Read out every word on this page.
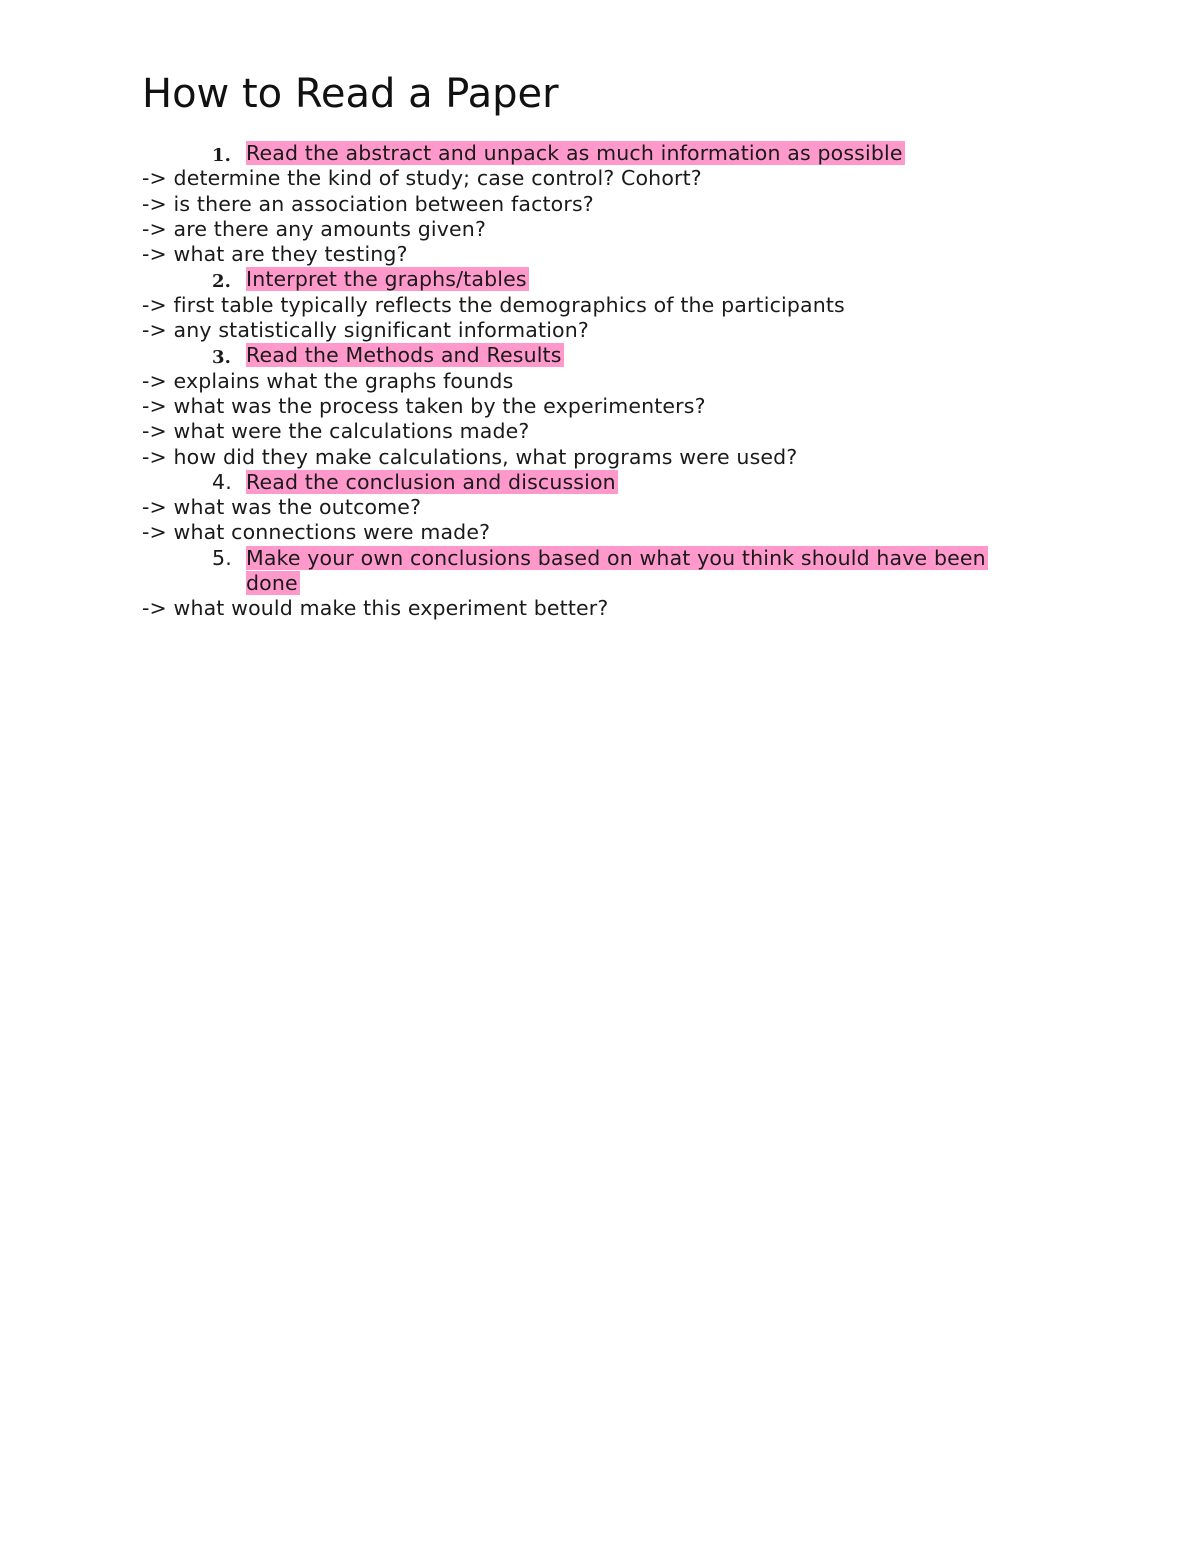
How to Read a Paper
1. Read the abstract and unpack as much information as possible
-> determine the kind of study; case control? Cohort?
-> is there an association between factors?
-> are there any amounts given?
-> what are they testing?
2. Interpret the graphs/tables
-> first table typically reflects the demographics of the participants
-> any statistically significant information?
3. Read the Methods and Results
-> explains what the graphs founds
-> what was the process taken by the experimenters?
-> what were the calculations made?
-> how did they make calculations, what programs were used?
4. Read the conclusion and discussion
-> what was the outcome?
-> what connections were made?
5. Make your own conclusions based on what you think should have been
done
-> what would make this experiment better?
